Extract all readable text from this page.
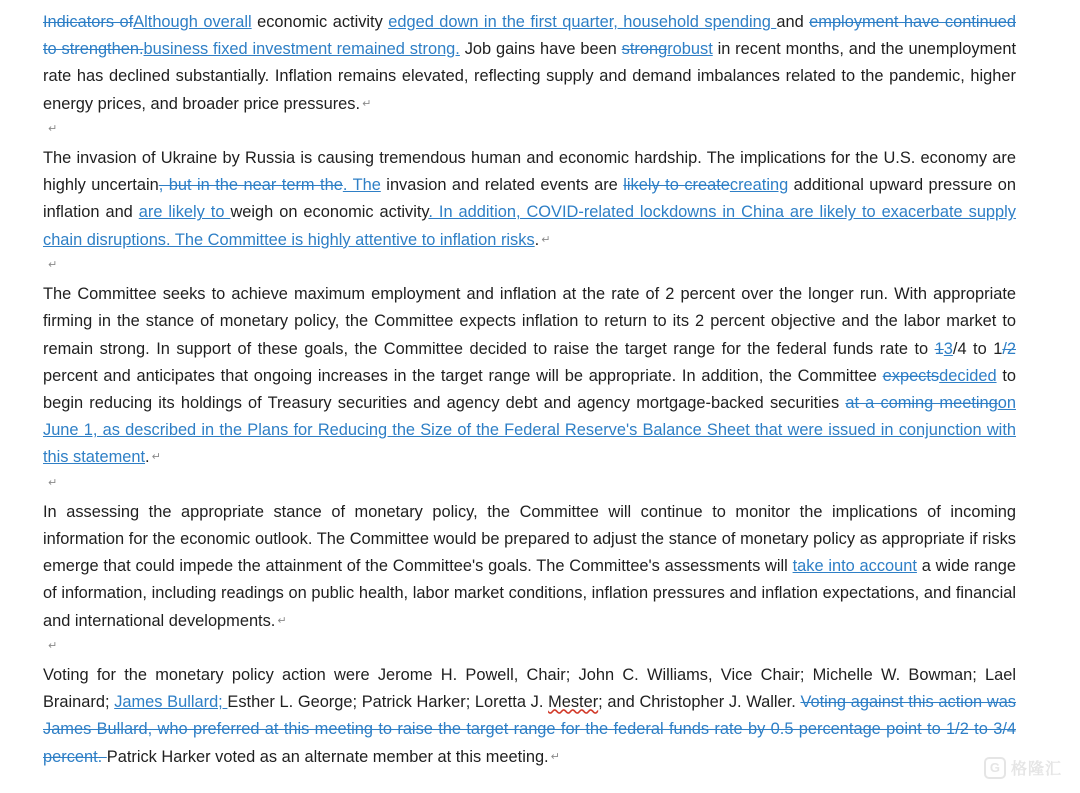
Indicators ofAlthough overall economic activity edged down in the first quarter, household spending and employment have continued to strengthen.business fixed investment remained strong. Job gains have been strongrobust in recent months, and the unemployment rate has declined substantially. Inflation remains elevated, reflecting supply and demand imbalances related to the pandemic, higher energy prices, and broader price pressures. ↵

↵

The invasion of Ukraine by Russia is causing tremendous human and economic hardship. The implications for the U.S. economy are highly uncertain, but in the near term the. The invasion and related events are likely to createcreating additional upward pressure on inflation and are likely to weigh on economic activity. In addition, COVID-related lockdowns in China are likely to exacerbate supply chain disruptions. The Committee is highly attentive to inflation risks. ↵

↵

The Committee seeks to achieve maximum employment and inflation at the rate of 2 percent over the longer run. With appropriate firming in the stance of monetary policy, the Committee expects inflation to return to its 2 percent objective and the labor market to remain strong. In support of these goals, the Committee decided to raise the target range for the federal funds rate to 13/4 to 1/2 percent and anticipates that ongoing increases in the target range will be appropriate. In addition, the Committee expectsdecided to begin reducing its holdings of Treasury securities and agency debt and agency mortgage-backed securities at a coming meetingon June 1, as described in the Plans for Reducing the Size of the Federal Reserve's Balance Sheet that were issued in conjunction with this statement. ↵

↵

In assessing the appropriate stance of monetary policy, the Committee will continue to monitor the implications of incoming information for the economic outlook. The Committee would be prepared to adjust the stance of monetary policy as appropriate if risks emerge that could impede the attainment of the Committee's goals. The Committee's assessments will take into account a wide range of information, including readings on public health, labor market conditions, inflation pressures and inflation expectations, and financial and international developments. ↵

↵

Voting for the monetary policy action were Jerome H. Powell, Chair; John C. Williams, Vice Chair; Michelle W. Bowman; Lael Brainard; James Bullard; Esther L. George; Patrick Harker; Loretta J. Mester; and Christopher J. Waller. Voting against this action was James Bullard, who preferred at this meeting to raise the target range for the federal funds rate by 0.5 percentage point to 1/2 to 3/4 percent. Patrick Harker voted as an alternate member at this meeting. ↵

G 格隆汇
